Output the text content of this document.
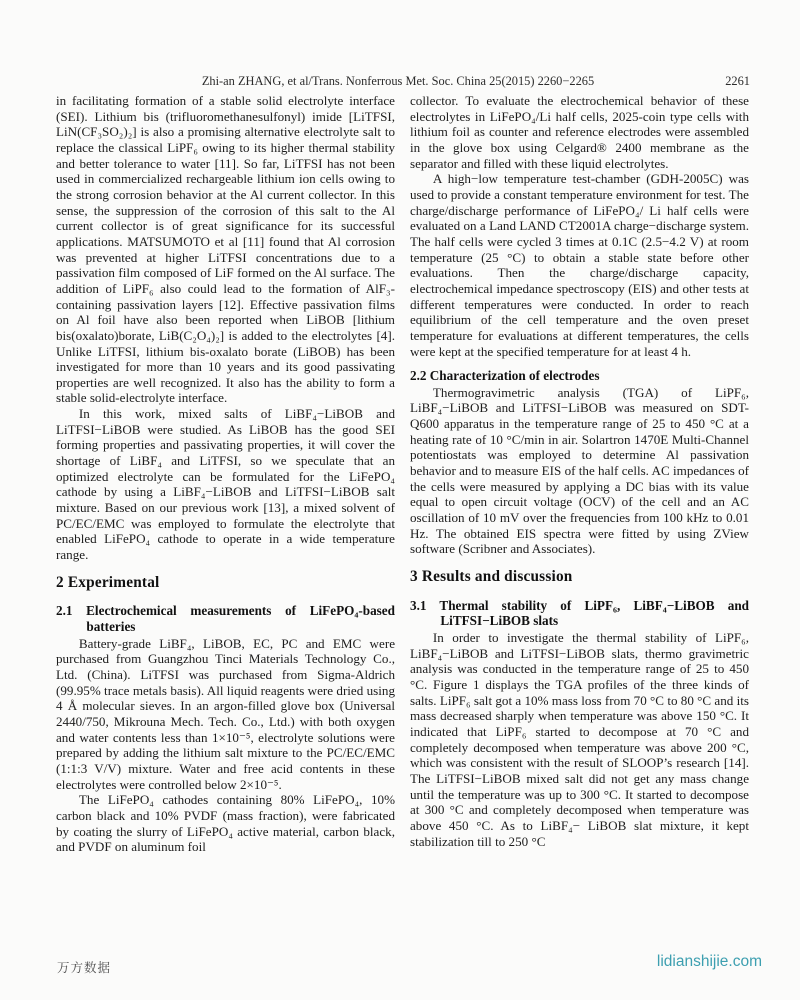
Zhi-an ZHANG, et al/Trans. Nonferrous Met. Soc. China 25(2015) 2260−2265	2261

in facilitating formation of a stable solid electrolyte interface (SEI). Lithium bis (trifluoromethanesulfonyl) imide [LiTFSI, LiN(CF₃SO₂)₂] is also a promising alternative electrolyte salt to replace the classical LiPF₆ owing to its higher thermal stability and better tolerance to water [11]. So far, LiTFSI has not been used in commercialized rechargeable lithium ion cells owing to the strong corrosion behavior at the Al current collector. In this sense, the suppression of the corrosion of this salt to the Al current collector is of great significance for its successful applications. MATSUMOTO et al [11] found that Al corrosion was prevented at higher LiTFSI concentrations due to a passivation film composed of LiF formed on the Al surface. The addition of LiPF₆ also could lead to the formation of AlF₃-containing passivation layers [12]. Effective passivation films on Al foil have also been reported when LiBOB [lithium bis(oxalato)borate, LiB(C₂O₄)₂] is added to the electrolytes [4]. Unlike LiTFSI, lithium bis-oxalato borate (LiBOB) has been investigated for more than 10 years and its good passivating properties are well recognized. It also has the ability to form a stable solid-electrolyte interface.

In this work, mixed salts of LiBF₄−LiBOB and LiTFSI−LiBOB were studied. As LiBOB has the good SEI forming properties and passivating properties, it will cover the shortage of LiBF₄ and LiTFSI, so we speculate that an optimized electrolyte can be formulated for the LiFePO₄ cathode by using a LiBF₄−LiBOB and LiTFSI−LiBOB salt mixture. Based on our previous work [13], a mixed solvent of PC/EC/EMC was employed to formulate the electrolyte that enabled LiFePO₄ cathode to operate in a wide temperature range.

2 Experimental
2.1 Electrochemical measurements of LiFePO₄-based batteries

Battery-grade LiBF₄, LiBOB, EC, PC and EMC were purchased from Guangzhou Tinci Materials Technology Co., Ltd. (China). LiTFSI was purchased from Sigma-Aldrich (99.95% trace metals basis). All liquid reagents were dried using 4 Å molecular sieves. In an argon-filled glove box (Universal 2440/750, Mikrouna Mech. Tech. Co., Ltd.) with both oxygen and water contents less than 1×10⁻⁵, electrolyte solutions were prepared by adding the lithium salt mixture to the PC/EC/EMC (1:1:3 V/V) mixture. Water and free acid contents in these electrolytes were controlled below 2×10⁻⁵.

The LiFePO₄ cathodes containing 80% LiFePO₄, 10% carbon black and 10% PVDF (mass fraction), were fabricated by coating the slurry of LiFePO₄ active material, carbon black, and PVDF on aluminum foil

collector. To evaluate the electrochemical behavior of these electrolytes in LiFePO₄/Li half cells, 2025-coin type cells with lithium foil as counter and reference electrodes were assembled in the glove box using Celgard® 2400 membrane as the separator and filled with these liquid electrolytes.

A high−low temperature test-chamber (GDH-2005C) was used to provide a constant temperature environment for test. The charge/discharge performance of LiFePO₄/ Li half cells were evaluated on a Land LAND CT2001A charge−discharge system. The half cells were cycled 3 times at 0.1C (2.5−4.2 V) at room temperature (25 °C) to obtain a stable state before other evaluations. Then the charge/discharge capacity, electrochemical impedance spectroscopy (EIS) and other tests at different temperatures were conducted. In order to reach equilibrium of the cell temperature and the oven preset temperature for evaluations at different temperatures, the cells were kept at the specified temperature for at least 4 h.

2.2 Characterization of electrodes

Thermogravimetric analysis (TGA) of LiPF₆, LiBF₄−LiBOB and LiTFSI−LiBOB was measured on SDT-Q600 apparatus in the temperature range of 25 to 450 °C at a heating rate of 10 °C/min in air. Solartron 1470E Multi-Channel potentiostats was employed to determine Al passivation behavior and to measure EIS of the half cells. AC impedances of the cells were measured by applying a DC bias with its value equal to open circuit voltage (OCV) of the cell and an AC oscillation of 10 mV over the frequencies from 100 kHz to 0.01 Hz. The obtained EIS spectra were fitted by using ZView software (Scribner and Associates).

3 Results and discussion
3.1 Thermal stability of LiPF₆, LiBF₄−LiBOB and LiTFSI−LiBOB slats

In order to investigate the thermal stability of LiPF₆, LiBF₄−LiBOB and LiTFSI−LiBOB slats, thermo gravimetric analysis was conducted in the temperature range of 25 to 450 °C. Figure 1 displays the TGA profiles of the three kinds of salts. LiPF₆ salt got a 10% mass loss from 70 °C to 80 °C and its mass decreased sharply when temperature was above 150 °C. It indicated that LiPF₆ started to decompose at 70 °C and completely decomposed when temperature was above 200 °C, which was consistent with the result of SLOOP’s research [14]. The LiTFSI−LiBOB mixed salt did not get any mass change until the temperature was up to 300 °C. It started to decompose at 300 °C and completely decomposed when temperature was above 450 °C. As to LiBF₄− LiBOB slat mixture, it kept stabilization till to 250 °C

万方数据	lidianshijie.com
